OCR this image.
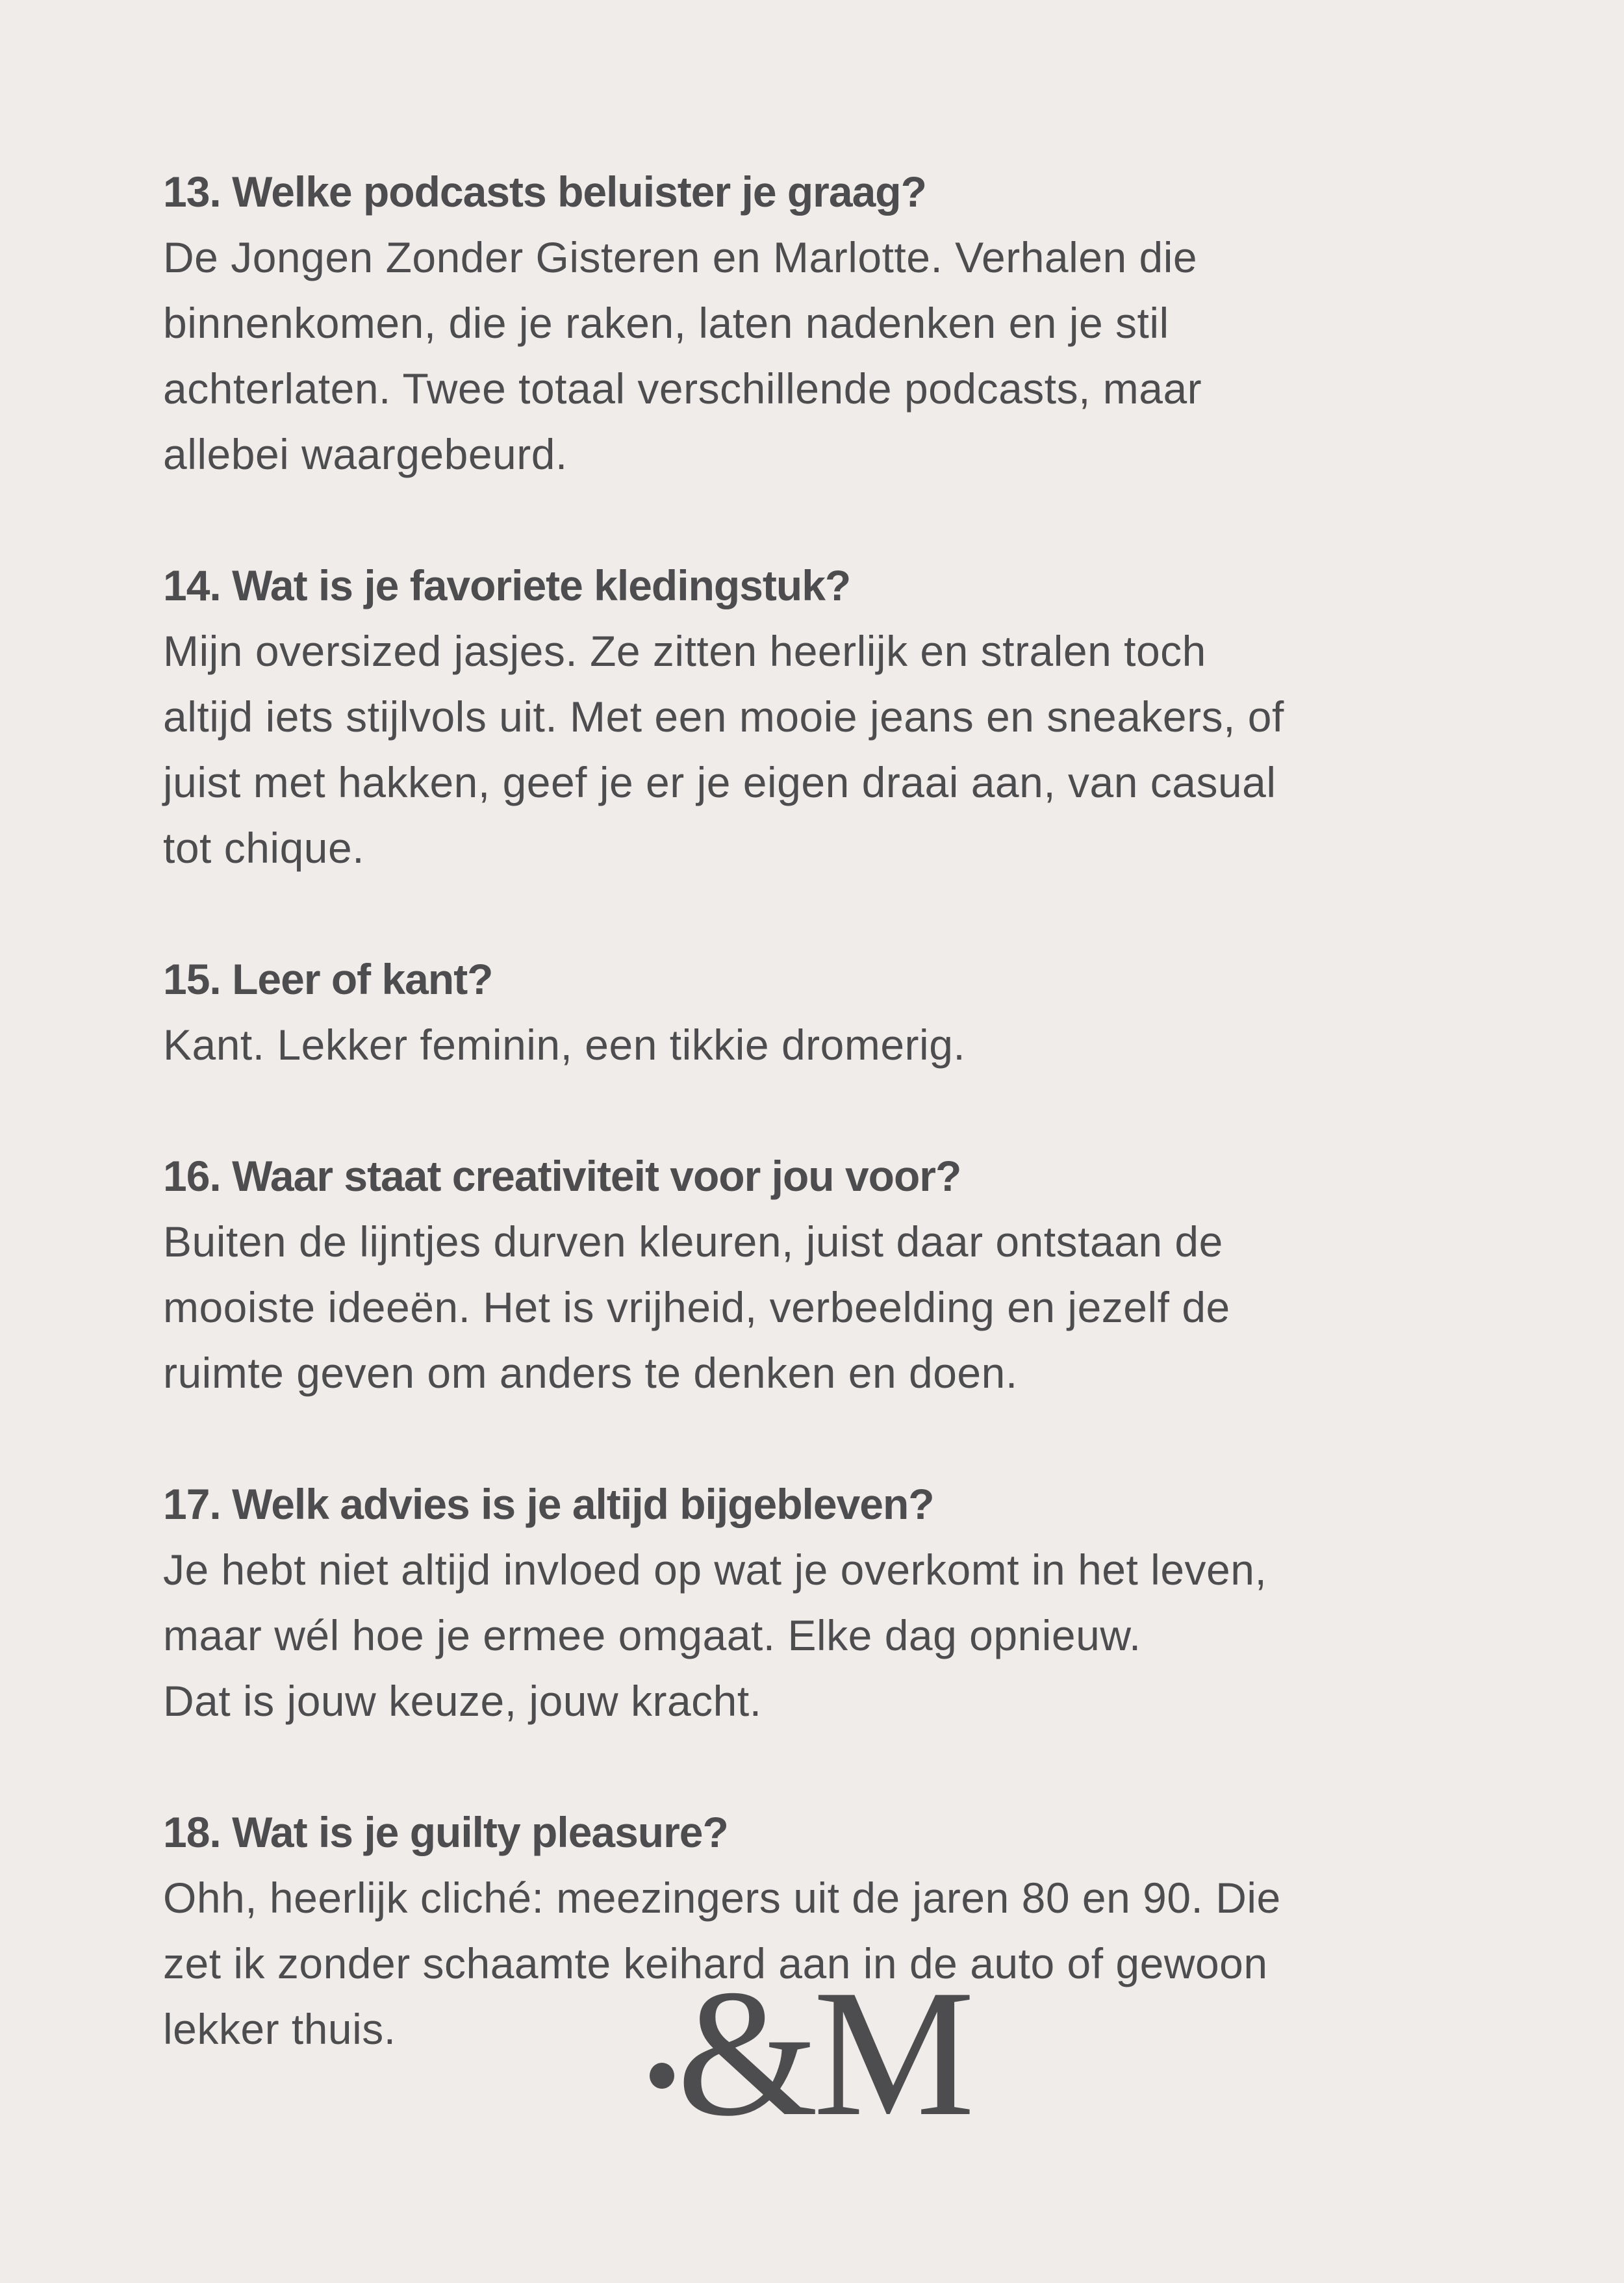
13. Welke podcasts beluister je graag?
De Jongen Zonder Gisteren en Marlotte. Verhalen die
binnenkomen, die je raken, laten nadenken en je stil
achterlaten. Twee totaal verschillende podcasts, maar
allebei waargebeurd.
14. Wat is je favoriete kledingstuk?
Mijn oversized jasjes. Ze zitten heerlijk en stralen toch
altijd iets stijlvols uit. Met een mooie jeans en sneakers, of
juist met hakken, geef je er je eigen draai aan, van casual
tot chique.
15. Leer of kant?
Kant. Lekker feminin, een tikkie dromerig.
16. Waar staat creativiteit voor jou voor?
Buiten de lijntjes durven kleuren, juist daar ontstaan de
mooiste ideeën. Het is vrijheid, verbeelding en jezelf de
ruimte geven om anders te denken en doen.
17. Welk advies is je altijd bijgebleven?
Je hebt niet altijd invloed op wat je overkomt in het leven,
maar wél hoe je ermee omgaat. Elke dag opnieuw.
Dat is jouw keuze, jouw kracht.
18. Wat is je guilty pleasure?
Ohh, heerlijk cliché: meezingers uit de jaren 80 en 90. Die
zet ik zonder schaamte keihard aan in de auto of gewoon
lekker thuis.	&M
